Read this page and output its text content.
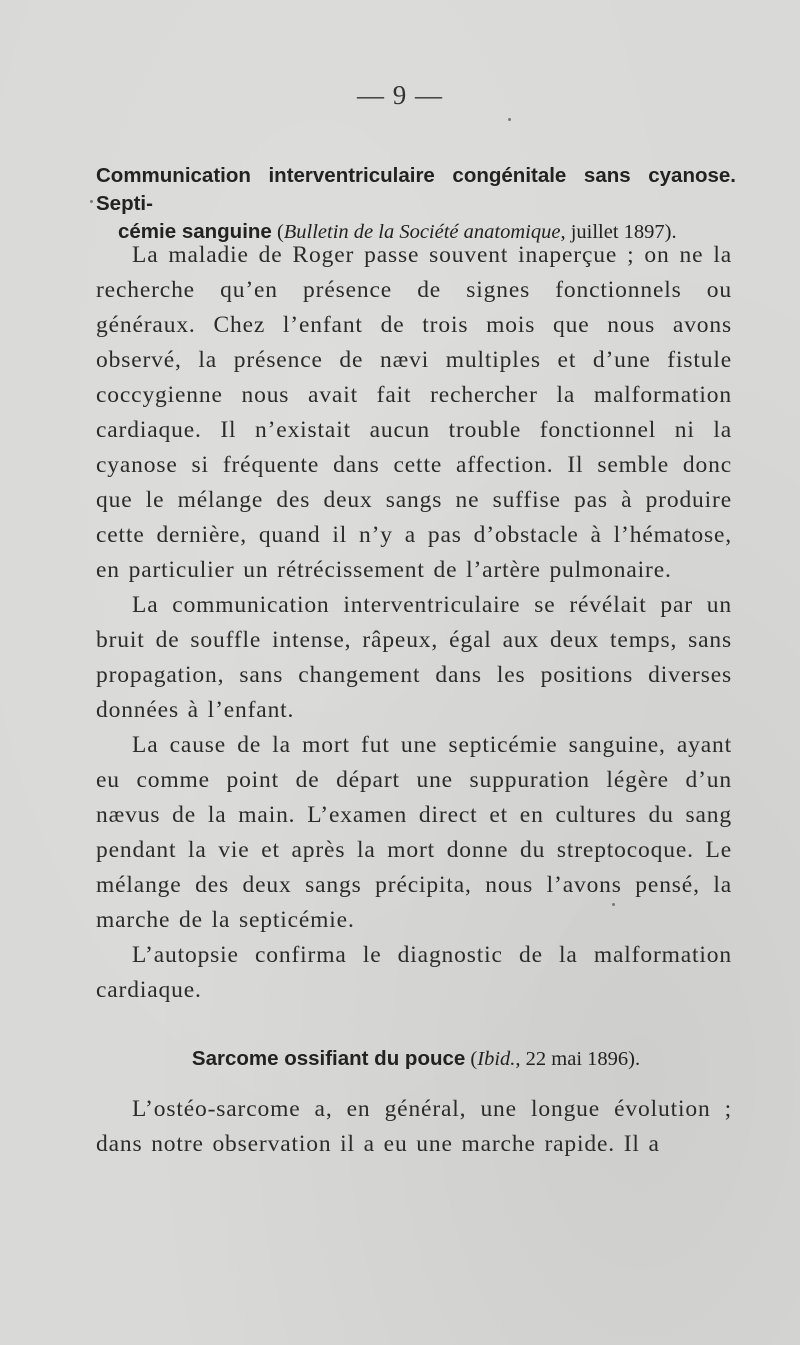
— 9 —
Communication interventriculaire congénitale sans cyanose. Septi-
cémie sanguine (Bulletin de la Société anatomique, juillet 1897).

La maladie de Roger passe souvent inaperçue ; on ne la recherche qu’en présence de signes fonctionnels ou généraux. Chez l’enfant de trois mois que nous avons observé, la présence de nævi multiples et d’une fistule coccygienne nous avait fait rechercher la malformation cardiaque. Il n’existait aucun trouble fonctionnel ni la cyanose si fréquente dans cette affection. Il semble donc que le mélange des deux sangs ne suffise pas à produire cette dernière, quand il n’y a pas d’obstacle à l’hématose, en particulier un rétrécissement de l’artère pulmonaire.

La communication interventriculaire se révélait par un bruit de souffle intense, râpeux, égal aux deux temps, sans propagation, sans changement dans les positions diverses données à l’enfant.

La cause de la mort fut une septicémie sanguine, ayant eu comme point de départ une suppuration légère d’un nævus de la main. L’examen direct et en cultures du sang pendant la vie et après la mort donne du streptocoque. Le mélange des deux sangs précipita, nous l’avons pensé, la marche de la septicémie.

L’autopsie confirma le diagnostic de la malformation cardiaque.

Sarcome ossifiant du pouce (Ibid., 22 mai 1896).

L’ostéo-sarcome a, en général, une longue évolution ; dans notre observation il a eu une marche rapide. Il a
